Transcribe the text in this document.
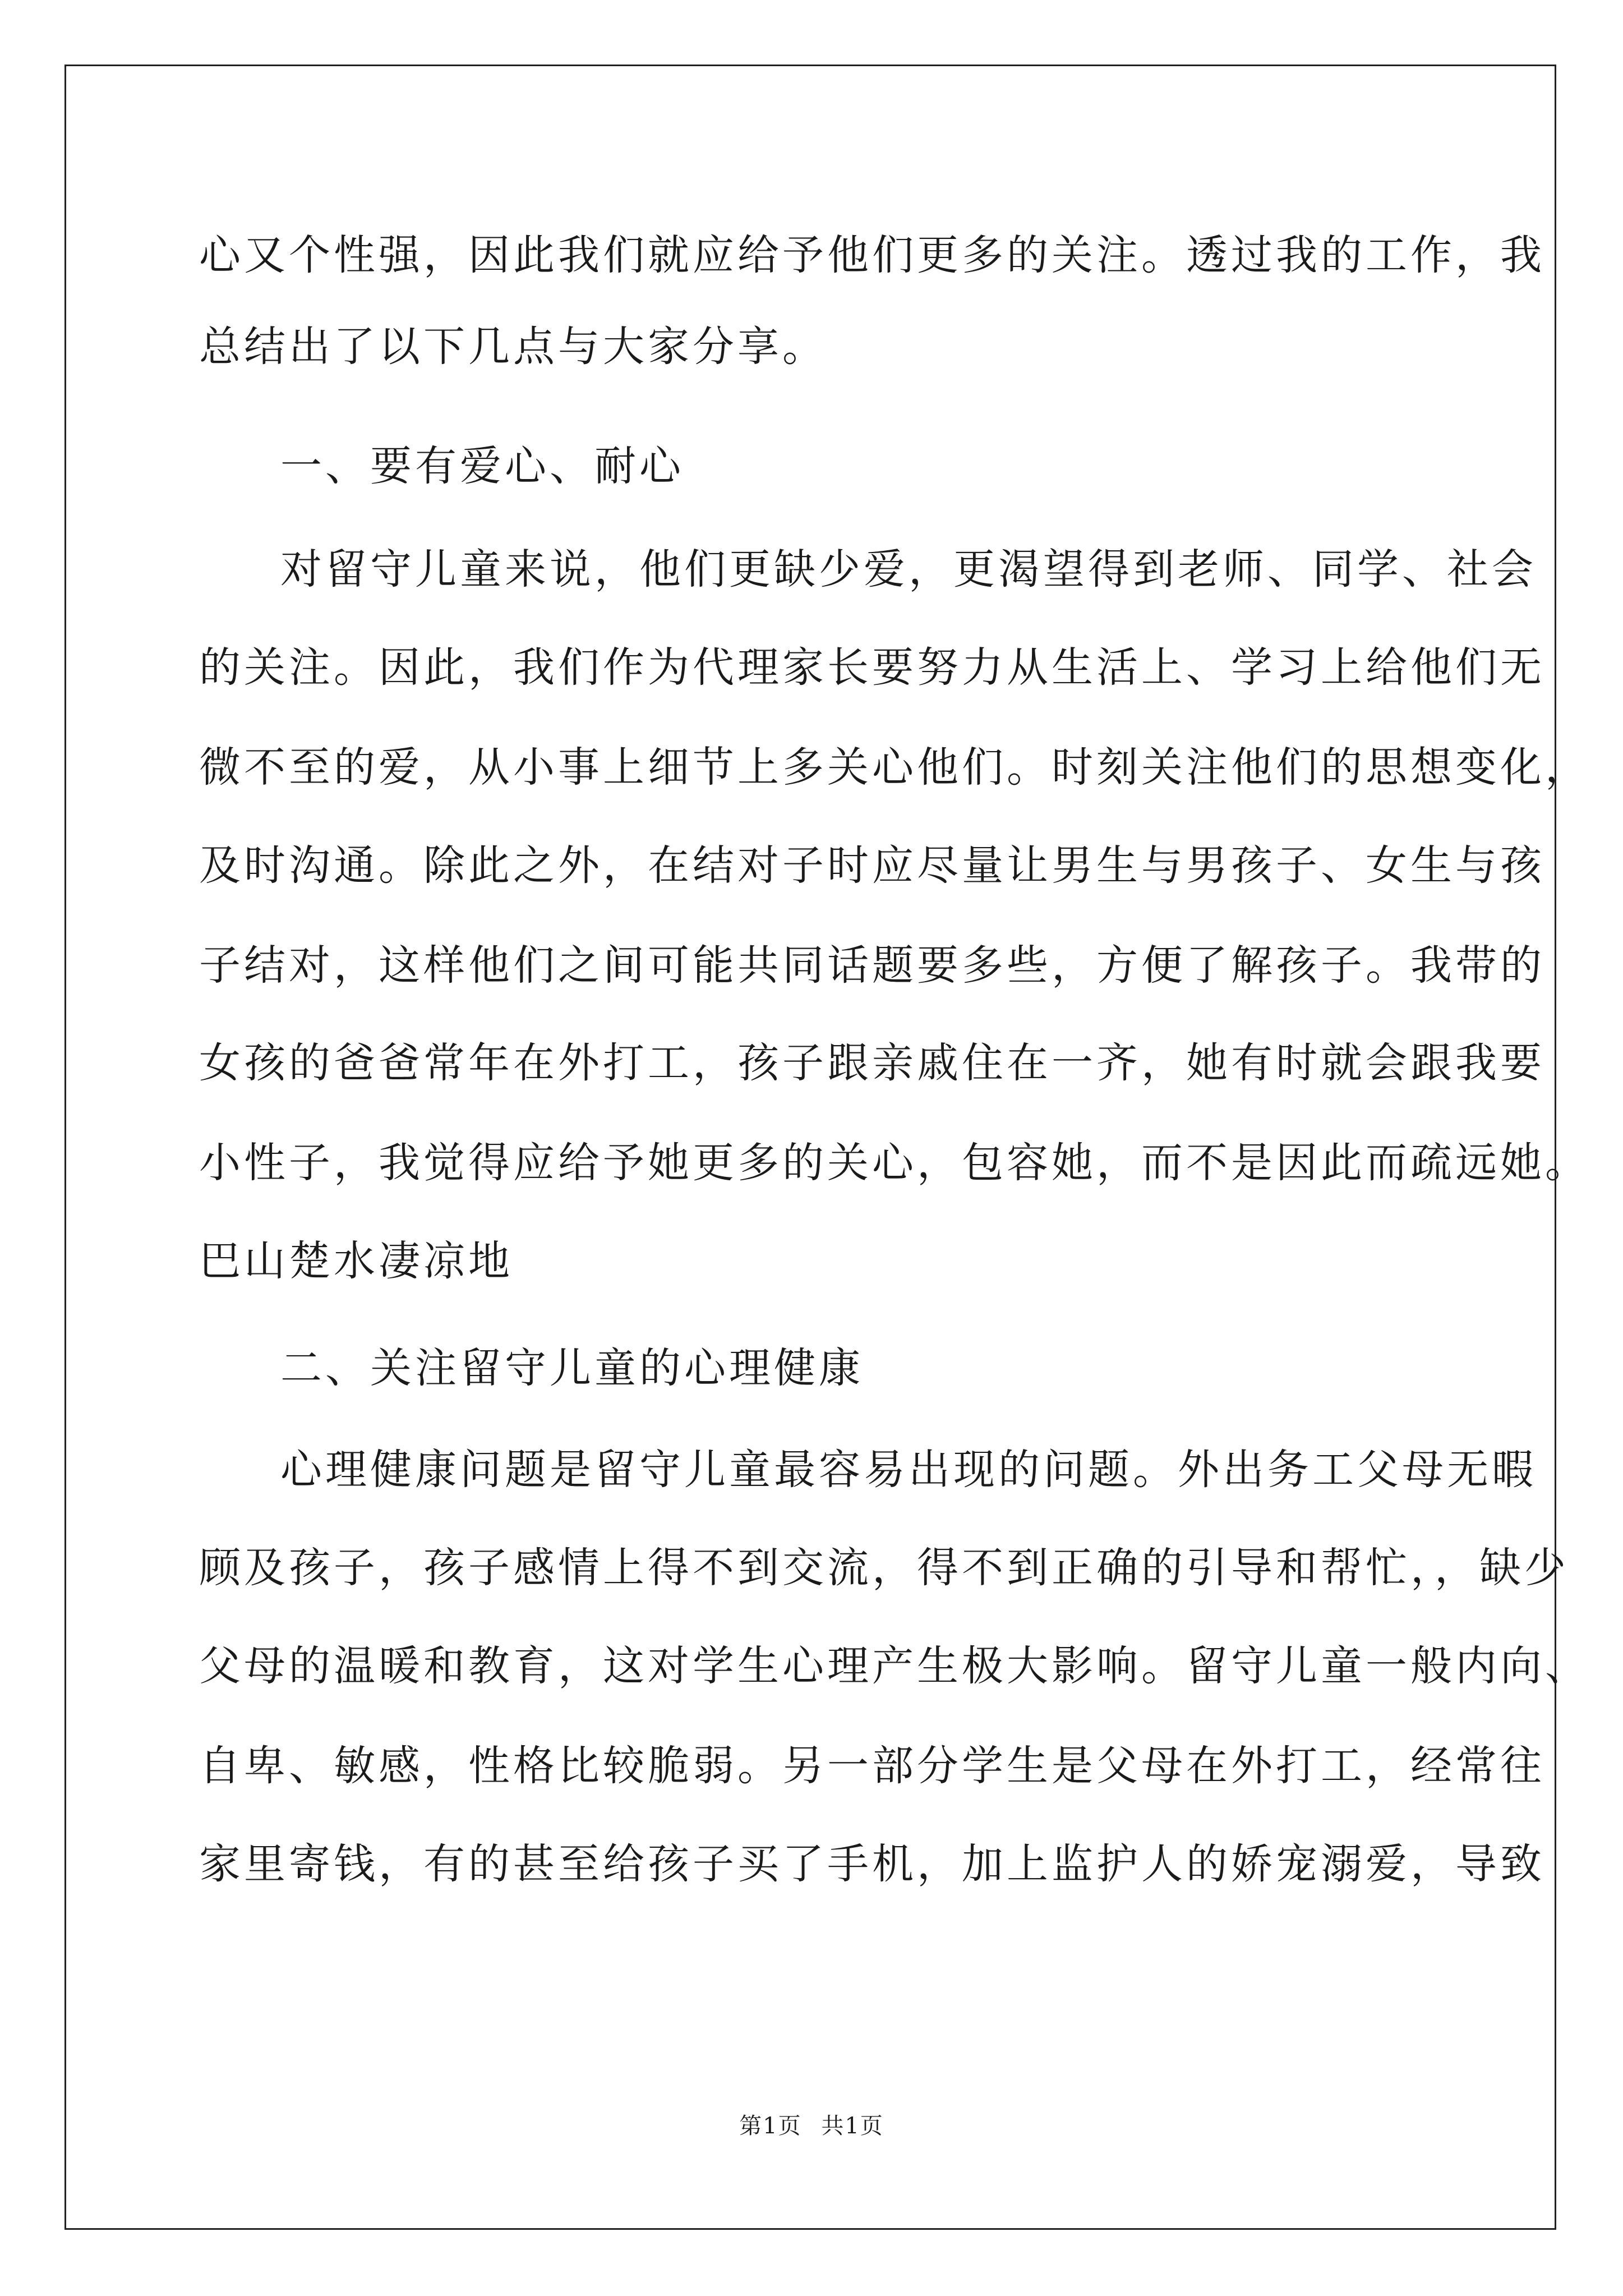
心又个性强，因此我们就应给予他们更多的关注。透过我的工作，我
总结出了以下几点与大家分享。
一、要有爱心、耐心
对留守儿童来说，他们更缺少爱，更渴望得到老师、同学、社会
的关注。因此，我们作为代理家长要努力从生活上、学习上给他们无
微不至的爱，从小事上细节上多关心他们。时刻关注他们的思想变化，
及时沟通。除此之外，在结对子时应尽量让男生与男孩子、女生与孩
子结对，这样他们之间可能共同话题要多些，方便了解孩子。我带的
女孩的爸爸常年在外打工，孩子跟亲戚住在一齐，她有时就会跟我要
小性子，我觉得应给予她更多的关心，包容她，而不是因此而疏远她。
巴山楚水凄凉地
二、关注留守儿童的心理健康
心理健康问题是留守儿童最容易出现的问题。外出务工父母无暇
顾及孩子，孩子感情上得不到交流，得不到正确的引导和帮忙，，缺少
父母的温暖和教育，这对学生心理产生极大影响。留守儿童一般内向、
自卑、敏感，性格比较脆弱。另一部分学生是父母在外打工，经常往
家里寄钱，有的甚至给孩子买了手机，加上监护人的娇宠溺爱，导致
第1页 共1页
